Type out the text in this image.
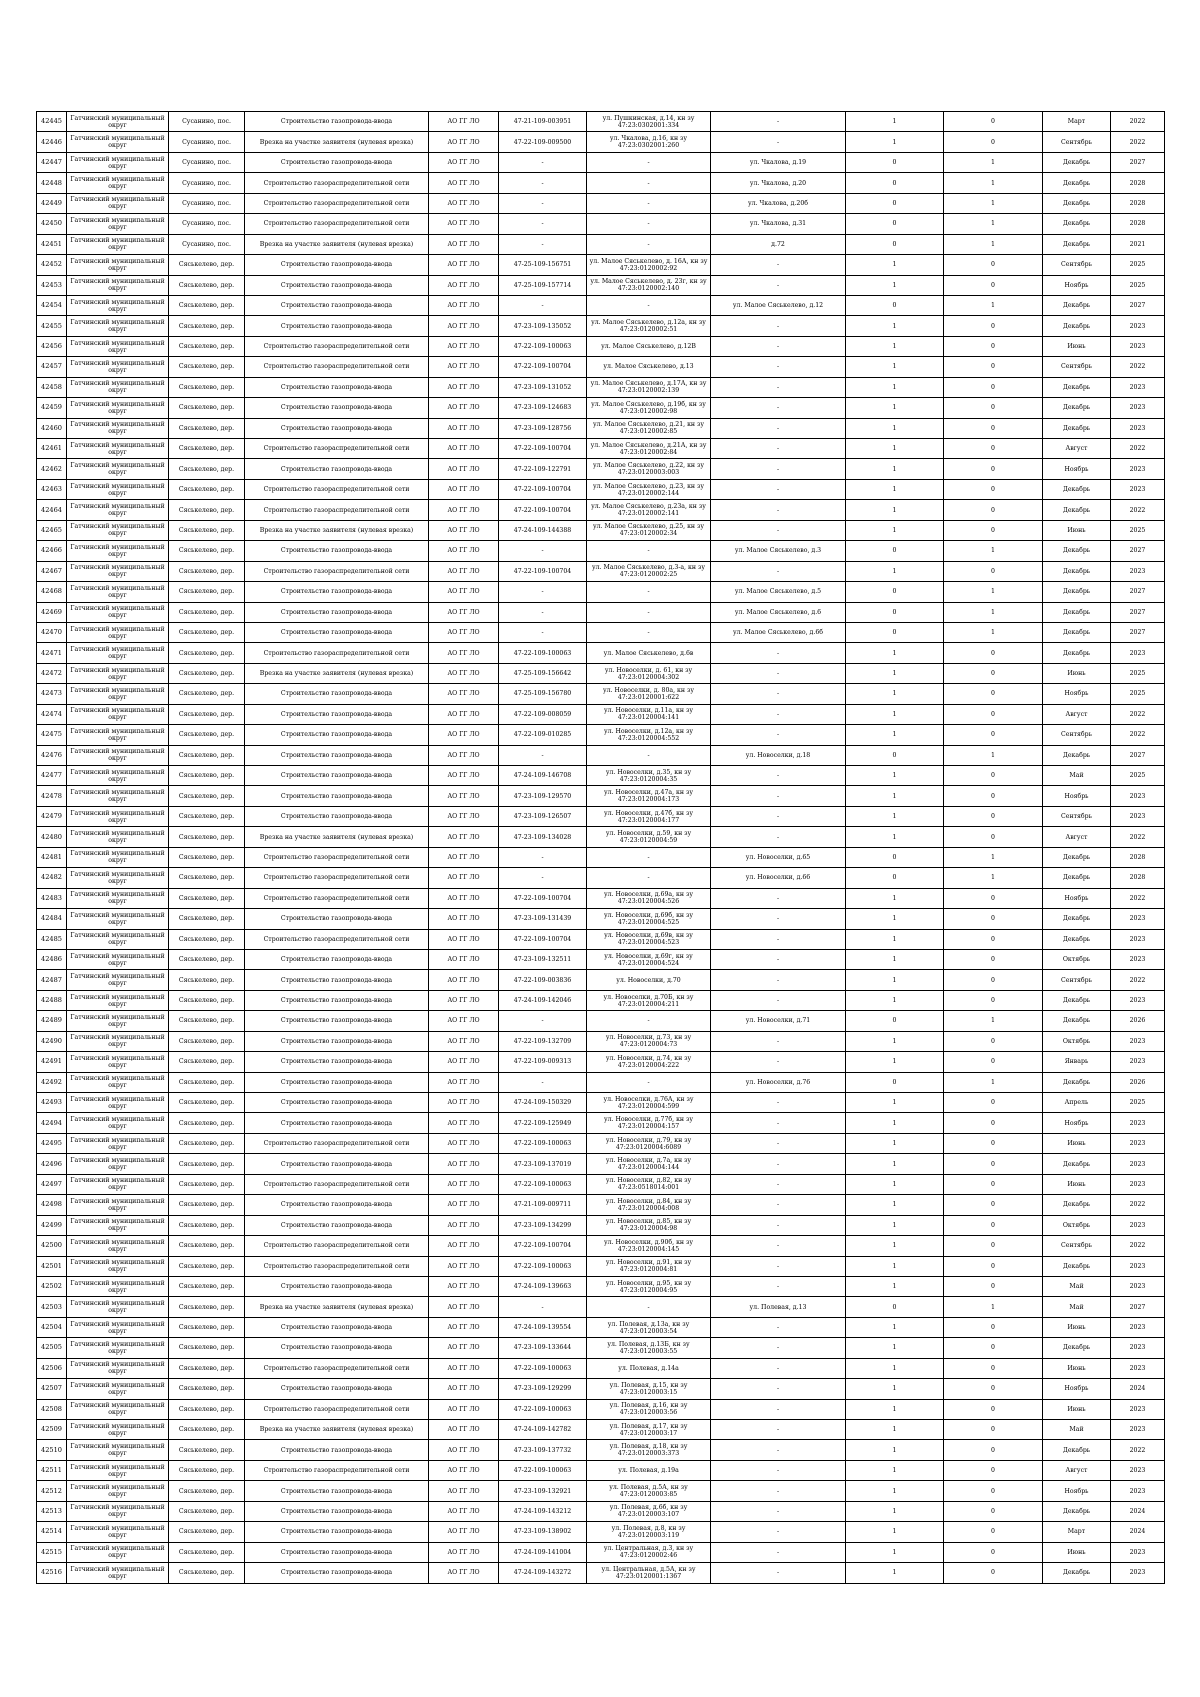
42445	Гатчинский муниципальный округ	Сусанино, пос.	Строительство газопровода-ввода	АО ГГ ЛО	47-21-109-003951	ул. Пушкинская, д.14, кн зу 47:23:0302001:334	-	1	0	Март	2022
42446	Гатчинский муниципальный округ	Сусанино, пос.	Врезка на участке заявителя (нулевая врезка)	АО ГГ ЛО	47-22-109-009500	ул. Чкалова, д.16, кн зу 47:23:0302001:260	-	1	0	Сентябрь	2022
42447	Гатчинский муниципальный округ	Сусанино, пос.	Строительство газопровода-ввода	АО ГГ ЛО	-	-	ул. Чкалова, д.19	0	1	Декабрь	2027
42448	Гатчинский муниципальный округ	Сусанино, пос.	Строительство газораспределительной сети	АО ГГ ЛО	-	-	ул. Чкалова, д.20	0	1	Декабрь	2028
42449	Гатчинский муниципальный округ	Сусанино, пос.	Строительство газораспределительной сети	АО ГГ ЛО	-	-	ул. Чкалова, д.20б	0	1	Декабрь	2028
42450	Гатчинский муниципальный округ	Сусанино, пос.	Строительство газораспределительной сети	АО ГГ ЛО	-	-	ул. Чкалова, д.31	0	1	Декабрь	2028
42451	Гатчинский муниципальный округ	Сусанино, пос.	Врезка на участке заявителя (нулевая врезка)	АО ГГ ЛО	-	-	д.72	0	1	Декабрь	2021
42452	Гатчинский муниципальный округ	Сяськелево, дер.	Строительство газопровода-ввода	АО ГГ ЛО	47-25-109-156751	ул. Малое Сяськелево, д. 16А, кн зу 47:23:0120002:92	-	1	0	Сентябрь	2025
42453	Гатчинский муниципальный округ	Сяськелево, дер.	Строительство газопровода-ввода	АО ГГ ЛО	47-25-109-157714	ул. Малое Сяськелево, д. 23г, кн зу 47:23:0120002:140	-	1	0	Ноябрь	2025
42454	Гатчинский муниципальный округ	Сяськелево, дер.	Строительство газопровода-ввода	АО ГГ ЛО	-	-	ул. Малое Сяськелево, д.12	0	1	Декабрь	2027
42455	Гатчинский муниципальный округ	Сяськелево, дер.	Строительство газопровода-ввода	АО ГГ ЛО	47-23-109-135052	ул. Малое Сяськелево, д.12а, кн зу 47:23:0120002:51	-	1	0	Декабрь	2023
42456	Гатчинский муниципальный округ	Сяськелево, дер.	Строительство газораспределительной сети	АО ГГ ЛО	47-22-109-100063	ул. Малое Сяськелево, д.12В	-	1	0	Июнь	2023
42457	Гатчинский муниципальный округ	Сяськелево, дер.	Строительство газораспределительной сети	АО ГГ ЛО	47-22-109-100704	ул. Малое Сяськелево, д.13	-	1	0	Сентябрь	2022
42458	Гатчинский муниципальный округ	Сяськелево, дер.	Строительство газопровода-ввода	АО ГГ ЛО	47-23-109-131052	ул. Малое Сяськелево, д.17А, кн зу 47:23:0120002:139	-	1	0	Декабрь	2023
42459	Гатчинский муниципальный округ	Сяськелево, дер.	Строительство газопровода-ввода	АО ГГ ЛО	47-23-109-124683	ул. Малое Сяськелево, д.19б, кн зу 47:23:0120002:98	-	1	0	Декабрь	2023
42460	Гатчинский муниципальный округ	Сяськелево, дер.	Строительство газопровода-ввода	АО ГГ ЛО	47-23-109-128756	ул. Малое Сяськелево, д.21, кн зу 47:23:0120002:85	-	1	0	Декабрь	2023
42461	Гатчинский муниципальный округ	Сяськелево, дер.	Строительство газораспределительной сети	АО ГГ ЛО	47-22-109-100704	ул. Малое Сяськелево, д.21А, кн зу 47:23:0120002:84	-	1	0	Август	2022
42462	Гатчинский муниципальный округ	Сяськелево, дер.	Строительство газопровода-ввода	АО ГГ ЛО	47-22-109-122791	ул. Малое Сяськелево, д.22, кн зу 47:23:0120003:003	-	1	0	Ноябрь	2023
42463	Гатчинский муниципальный округ	Сяськелево, дер.	Строительство газораспределительной сети	АО ГГ ЛО	47-22-109-100704	ул. Малое Сяськелево, д.23, кн зу 47:23:0120002:144	-	1	0	Декабрь	2023
42464	Гатчинский муниципальный округ	Сяськелево, дер.	Строительство газораспределительной сети	АО ГГ ЛО	47-22-109-100704	ул. Малое Сяськелево, д.23а, кн зу 47:23:0120002:141	-	1	0	Декабрь	2022
42465	Гатчинский муниципальный округ	Сяськелево, дер.	Врезка на участке заявителя (нулевая врезка)	АО ГГ ЛО	47-24-109-144388	ул. Малое Сяськелево, д.25, кн зу 47:23:0120002:34	-	1	0	Июнь	2025
42466	Гатчинский муниципальный округ	Сяськелево, дер.	Строительство газопровода-ввода	АО ГГ ЛО	-	-	ул. Малое Сяськелево, д.3	0	1	Декабрь	2027
42467	Гатчинский муниципальный округ	Сяськелево, дер.	Строительство газораспределительной сети	АО ГГ ЛО	47-22-109-100704	ул. Малое Сяськелево, д.3-а, кн зу 47:23:0120002:25	-	1	0	Декабрь	2023
42468	Гатчинский муниципальный округ	Сяськелево, дер.	Строительство газопровода-ввода	АО ГГ ЛО	-	-	ул. Малое Сяськелево, д.5	0	1	Декабрь	2027
42469	Гатчинский муниципальный округ	Сяськелево, дер.	Строительство газопровода-ввода	АО ГГ ЛО	-	-	ул. Малое Сяськелево, д.6	0	1	Декабрь	2027
42470	Гатчинский муниципальный округ	Сяськелево, дер.	Строительство газопровода-ввода	АО ГГ ЛО	-	-	ул. Малое Сяськелево, д.6б	0	1	Декабрь	2027
42471	Гатчинский муниципальный округ	Сяськелево, дер.	Строительство газораспределительной сети	АО ГГ ЛО	47-22-109-100063	ул. Малое Сяськелево, д.6в	-	1	0	Декабрь	2023
42472	Гатчинский муниципальный округ	Сяськелево, дер.	Врезка на участке заявителя (нулевая врезка)	АО ГГ ЛО	47-25-109-156642	ул. Новоселки, д. 61, кн зу 47:23:0120004:302	-	1	0	Июнь	2025
42473	Гатчинский муниципальный округ	Сяськелево, дер.	Строительство газопровода-ввода	АО ГГ ЛО	47-25-109-156780	ул. Новоселки, д. 80а, кн зу 47:23:0120001:622	-	1	0	Ноябрь	2025
42474	Гатчинский муниципальный округ	Сяськелево, дер.	Строительство газопровода-ввода	АО ГГ ЛО	47-22-109-008059	ул. Новоселки, д.11а, кн зу 47:23:0120004:141	-	1	0	Август	2022
42475	Гатчинский муниципальный округ	Сяськелево, дер.	Строительство газопровода-ввода	АО ГГ ЛО	47-22-109-010285	ул. Новоселки, д.12а, кн зу 47:23:0120004:552	-	1	0	Сентябрь	2022
42476	Гатчинский муниципальный округ	Сяськелево, дер.	Строительство газопровода-ввода	АО ГГ ЛО	-	-	ул. Новоселки, д.18	0	1	Декабрь	2027
42477	Гатчинский муниципальный округ	Сяськелево, дер.	Строительство газопровода-ввода	АО ГГ ЛО	47-24-109-146708	ул. Новоселки, д.35, кн зу 47:23:0120004:35	-	1	0	Май	2025
42478	Гатчинский муниципальный округ	Сяськелево, дер.	Строительство газопровода-ввода	АО ГГ ЛО	47-23-109-129570	ул. Новоселки, д.47а, кн зу 47:23:0120004:173	-	1	0	Ноябрь	2023
42479	Гатчинский муниципальный округ	Сяськелево, дер.	Строительство газопровода-ввода	АО ГГ ЛО	47-23-109-126507	ул. Новоселки, д.47б, кн зу 47:23:0120004:177	-	1	0	Сентябрь	2023
42480	Гатчинский муниципальный округ	Сяськелево, дер.	Врезка на участке заявителя (нулевая врезка)	АО ГГ ЛО	47-23-109-134028	ул. Новоселки, д.59, кн зу 47:23:0120004:59	-	1	0	Август	2022
42481	Гатчинский муниципальный округ	Сяськелево, дер.	Строительство газораспределительной сети	АО ГГ ЛО	-	-	ул. Новоселки, д.65	0	1	Декабрь	2028
42482	Гатчинский муниципальный округ	Сяськелево, дер.	Строительство газораспределительной сети	АО ГГ ЛО	-	-	ул. Новоселки, д.66	0	1	Декабрь	2028
42483	Гатчинский муниципальный округ	Сяськелево, дер.	Строительство газораспределительной сети	АО ГГ ЛО	47-22-109-100704	ул. Новоселки, д.69а, кн зу 47:23:0120004:526	-	1	0	Ноябрь	2022
42484	Гатчинский муниципальный округ	Сяськелево, дер.	Строительство газопровода-ввода	АО ГГ ЛО	47-23-109-131439	ул. Новоселки, д.69б, кн зу 47:23:0120004:525	-	1	0	Декабрь	2023
42485	Гатчинский муниципальный округ	Сяськелево, дер.	Строительство газораспределительной сети	АО ГГ ЛО	47-22-109-100704	ул. Новоселки, д.69в, кн зу 47:23:0120004:523	-	1	0	Декабрь	2023
42486	Гатчинский муниципальный округ	Сяськелево, дер.	Строительство газопровода-ввода	АО ГГ ЛО	47-23-109-132511	ул. Новоселки, д.69г, кн зу 47:23:0120004:524	-	1	0	Октябрь	2023
42487	Гатчинский муниципальный округ	Сяськелево, дер.	Строительство газопровода-ввода	АО ГГ ЛО	47-22-109-003836	ул. Новоселки, д.70	-	1	0	Сентябрь	2022
42488	Гатчинский муниципальный округ	Сяськелево, дер.	Строительство газопровода-ввода	АО ГГ ЛО	47-24-109-142046	ул. Новоселки, д.70Б, кн зу 47:23:0120004:211	-	1	0	Декабрь	2023
42489	Гатчинский муниципальный округ	Сяськелево, дер.	Строительство газопровода-ввода	АО ГГ ЛО	-	-	ул. Новоселки, д.71	0	1	Декабрь	2026
42490	Гатчинский муниципальный округ	Сяськелево, дер.	Строительство газопровода-ввода	АО ГГ ЛО	47-22-109-132709	ул. Новоселки, д.73, кн зу 47:23:0120004:73	-	1	0	Октябрь	2023
42491	Гатчинский муниципальный округ	Сяськелево, дер.	Строительство газопровода-ввода	АО ГГ ЛО	47-22-109-009313	ул. Новоселки, д.74, кн зу 47:23:0120004:222	-	1	0	Январь	2023
42492	Гатчинский муниципальный округ	Сяськелево, дер.	Строительство газопровода-ввода	АО ГГ ЛО	-	-	ул. Новоселки, д.76	0	1	Декабрь	2026
42493	Гатчинский муниципальный округ	Сяськелево, дер.	Строительство газопровода-ввода	АО ГГ ЛО	47-24-109-150329	ул. Новоселки, д.76А, кн зу 47:23:0120004:599	-	1	0	Апрель	2025
42494	Гатчинский муниципальный округ	Сяськелево, дер.	Строительство газопровода-ввода	АО ГГ ЛО	47-22-109-125949	ул. Новоселки, д.77б, кн зу 47:23:0120004:157	-	1	0	Ноябрь	2023
42495	Гатчинский муниципальный округ	Сяськелево, дер.	Строительство газораспределительной сети	АО ГГ ЛО	47-22-109-100063	ул. Новоселки, д.79, кн зу 47:23:0120004:6089	-	1	0	Июнь	2023
42496	Гатчинский муниципальный округ	Сяськелево, дер.	Строительство газопровода-ввода	АО ГГ ЛО	47-23-109-137019	ул. Новоселки, д.7а, кн зу 47:23:0120004:144	-	1	0	Декабрь	2023
42497	Гатчинский муниципальный округ	Сяськелево, дер.	Строительство газораспределительной сети	АО ГГ ЛО	47-22-109-100063	ул. Новоселки, д.82, кн зу 47:23:0518014:001	-	1	0	Июнь	2023
42498	Гатчинский муниципальный округ	Сяськелево, дер.	Строительство газопровода-ввода	АО ГГ ЛО	47-21-109-009711	ул. Новоселки, д.84, кн зу 47:23:0120004:008	-	1	0	Декабрь	2022
42499	Гатчинский муниципальный округ	Сяськелево, дер.	Строительство газопровода-ввода	АО ГГ ЛО	47-23-109-134299	ул. Новоселки, д.85, кн зу 47:23:0120004:98	-	1	0	Октябрь	2023
42500	Гатчинский муниципальный округ	Сяськелево, дер.	Строительство газораспределительной сети	АО ГГ ЛО	47-22-109-100704	ул. Новоселки, д.90б, кн зу 47:23:0120004:145	-	1	0	Сентябрь	2022
42501	Гатчинский муниципальный округ	Сяськелево, дер.	Строительство газораспределительной сети	АО ГГ ЛО	47-22-109-100063	ул. Новоселки, д.91, кн зу 47:23:0120004:81	-	1	0	Декабрь	2023
42502	Гатчинский муниципальный округ	Сяськелево, дер.	Строительство газопровода-ввода	АО ГГ ЛО	47-24-109-139663	ул. Новоселки, д.95, кн зу 47:23:0120004:95	-	1	0	Май	2023
42503	Гатчинский муниципальный округ	Сяськелево, дер.	Врезка на участке заявителя (нулевая врезка)	АО ГГ ЛО	-	-	ул. Полевая, д.13	0	1	Май	2027
42504	Гатчинский муниципальный округ	Сяськелево, дер.	Строительство газопровода-ввода	АО ГГ ЛО	47-24-109-139554	ул. Полевая, д.13а, кн зу 47:23:0120003:54	-	1	0	Июнь	2023
42505	Гатчинский муниципальный округ	Сяськелево, дер.	Строительство газопровода-ввода	АО ГГ ЛО	47-23-109-133644	ул. Полевая, д.13Б, кн зу 47:23:0120003:55	-	1	0	Декабрь	2023
42506	Гатчинский муниципальный округ	Сяськелево, дер.	Строительство газораспределительной сети	АО ГГ ЛО	47-22-109-100063	ул. Полевая, д.14а	-	1	0	Июнь	2023
42507	Гатчинский муниципальный округ	Сяськелево, дер.	Строительство газопровода-ввода	АО ГГ ЛО	47-23-109-129299	ул. Полевая, д.15, кн зу 47:23:0120003:15	-	1	0	Ноябрь	2024
42508	Гатчинский муниципальный округ	Сяськелево, дер.	Строительство газораспределительной сети	АО ГГ ЛО	47-22-109-100063	ул. Полевая, д.16, кн зу 47:23:0120003:56	-	1	0	Июнь	2023
42509	Гатчинский муниципальный округ	Сяськелево, дер.	Врезка на участке заявителя (нулевая врезка)	АО ГГ ЛО	47-24-109-142782	ул. Полевая, д.17, кн зу 47:23:0120003:17	-	1	0	Май	2023
42510	Гатчинский муниципальный округ	Сяськелево, дер.	Строительство газопровода-ввода	АО ГГ ЛО	47-23-109-137732	ул. Полевая, д.18, кн зу 47:23:0120003:373	-	1	0	Декабрь	2022
42511	Гатчинский муниципальный округ	Сяськелево, дер.	Строительство газораспределительной сети	АО ГГ ЛО	47-22-109-100063	ул. Полевая, д.19а	-	1	0	Август	2023
42512	Гатчинский муниципальный округ	Сяськелево, дер.	Строительство газопровода-ввода	АО ГГ ЛО	47-23-109-132921	ул. Полевая, д.5А, кн зу 47:23:0120003:85	-	1	0	Ноябрь	2023
42513	Гатчинский муниципальный округ	Сяськелево, дер.	Строительство газопровода-ввода	АО ГГ ЛО	47-24-109-143212	ул. Полевая, д.6б, кн зу 47:23:0120003:107	-	1	0	Декабрь	2024
42514	Гатчинский муниципальный округ	Сяськелево, дер.	Строительство газопровода-ввода	АО ГГ ЛО	47-23-109-138902	ул. Полевая, д.8, кн зу 47:23:0120003:119	-	1	0	Март	2024
42515	Гатчинский муниципальный округ	Сяськелево, дер.	Строительство газопровода-ввода	АО ГГ ЛО	47-24-109-141004	ул. Центральная, д.3, кн зу 47:23:0120002:46	-	1	0	Июнь	2023
42516	Гатчинский муниципальный округ	Сяськелево, дер.	Строительство газопровода-ввода	АО ГГ ЛО	47-24-109-143272	ул. Центральная, д.5А, кн зу 47:23:0120001:1367	-	1	0	Декабрь	2023
